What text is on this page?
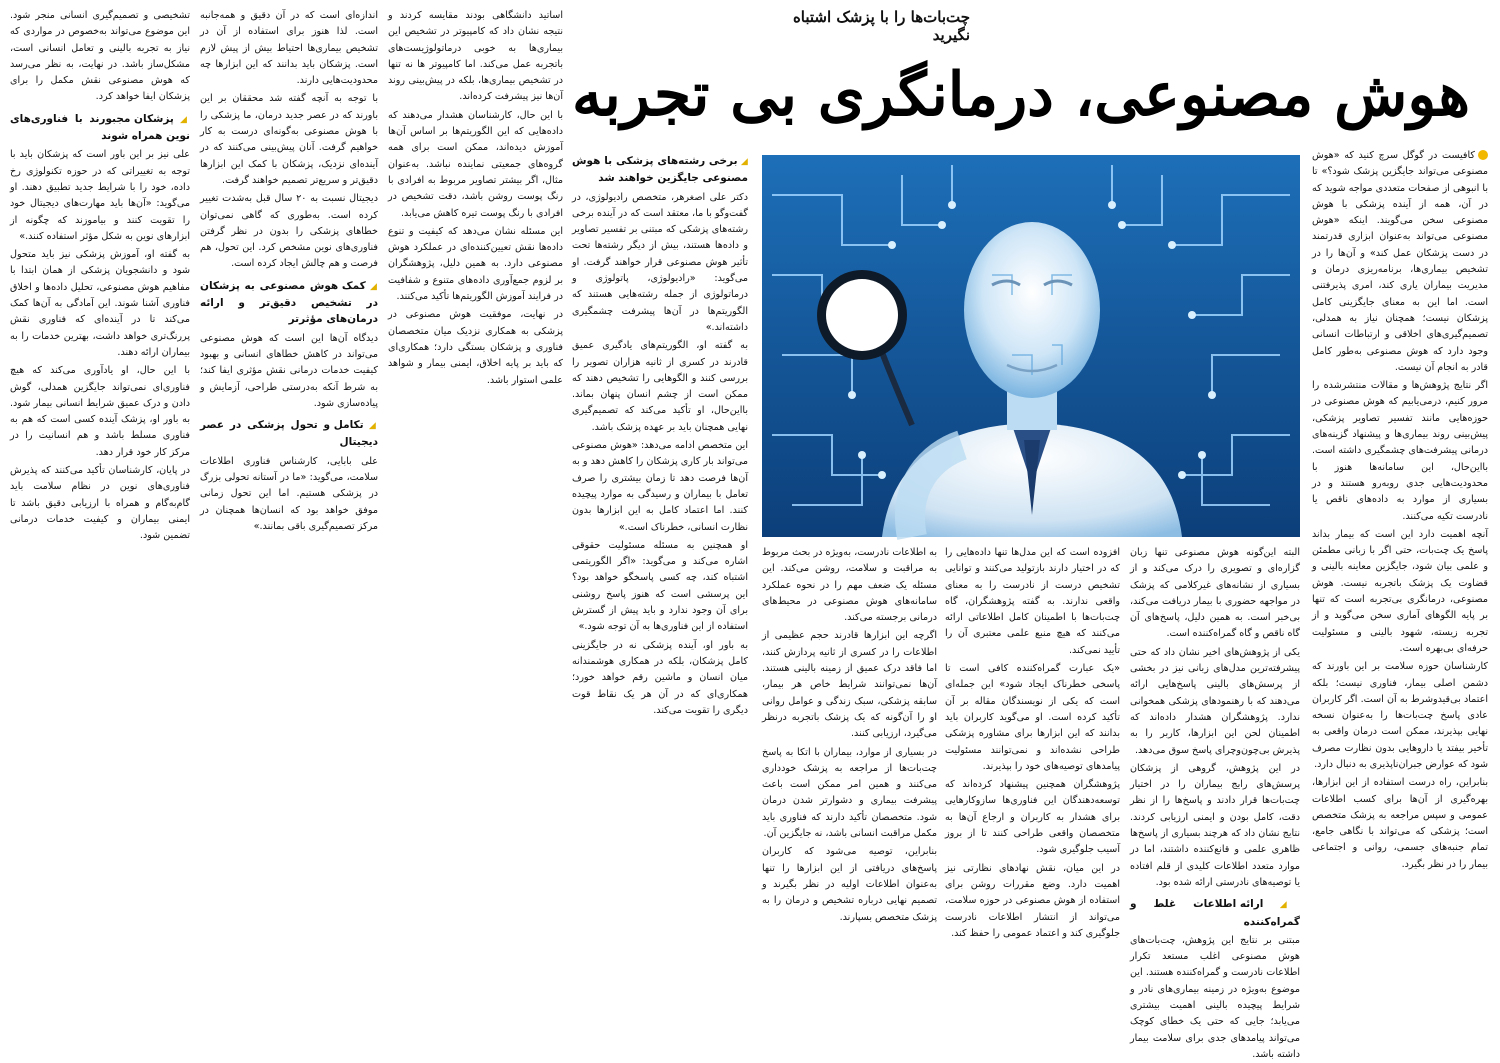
چت‌بات‌ها را با پزشک اشتباه نگیرید
هوش مصنوعی، درمانگری بی تجربه

کافیست در گوگل سرچ کنید که «هوش مصنوعی می‌تواند جایگزین پزشک شود؟» تا با انبوهی از صفحات متعددی مواجه شوید که در آن، همه از آینده پزشکی با هوش مصنوعی سخن می‌گویند. اینکه «هوش مصنوعی می‌تواند به‌عنوان ابزاری قدرتمند در دست پزشکان عمل کند» و آن‌ها را در تشخیص بیماری‌ها، برنامه‌ریزی درمان و مدیریت بیماران یاری کند، امری پذیرفتنی است. اما این به معنای جایگزینی کامل پزشکان نیست؛ همچنان نیاز به همدلی، تصمیم‌گیری‌های اخلاقی و ارتباطات انسانی وجود دارد که هوش مصنوعی به‌طور کامل قادر به انجام آن نیست.

اگر نتایج پژوهش‌ها و مقالات منتشرشده را مرور کنیم، درمی‌یابیم که هوش مصنوعی در حوزه‌هایی مانند تفسیر تصاویر پزشکی، پیش‌بینی روند بیماری‌ها و پیشنهاد گزینه‌های درمانی پیشرفت‌های چشمگیری داشته است. بااین‌حال، این سامانه‌ها هنوز با محدودیت‌هایی جدی روبه‌رو هستند و در بسیاری از موارد به داده‌های ناقص یا نادرست تکیه می‌کنند.

آنچه اهمیت دارد این است که بیمار بداند پاسخ یک چت‌بات، حتی اگر با زبانی مطمئن و علمی بیان شود، جایگزین معاینه بالینی و قضاوت یک پزشک باتجربه نیست. هوش مصنوعی، درمانگری بی‌تجربه است که تنها بر پایه الگوهای آماری سخن می‌گوید و از تجربه زیسته، شهود بالینی و مسئولیت حرفه‌ای بی‌بهره است.

کارشناسان حوزه سلامت بر این باورند که دشمن اصلی بیمار، فناوری نیست؛ بلکه اعتماد بی‌قیدوشرط به آن است. اگر کاربران عادی پاسخ چت‌بات‌ها را به‌عنوان نسخه نهایی بپذیرند، ممکن است درمان واقعی به تأخیر بیفتد یا داروهایی بدون نظارت مصرف شود که عوارض جبران‌ناپذیری به دنبال دارد.

بنابراین، راه درست استفاده از این ابزارها، بهره‌گیری از آن‌ها برای کسب اطلاعات عمومی و سپس مراجعه به پزشک متخصص است؛ پزشکی که می‌تواند با نگاهی جامع، تمام جنبه‌های جسمی، روانی و اجتماعی بیمار را در نظر بگیرد.

◢ برخی رشته‌های پزشکی با هوش مصنوعی جایگزین خواهند شد

دکتر علی اصغرهر، متخصص رادیولوژی، در گفت‌وگو با ما، معتقد است که در آینده برخی رشته‌های پزشکی که مبتنی بر تفسیر تصاویر و داده‌ها هستند، بیش از دیگر رشته‌ها تحت تأثیر هوش مصنوعی قرار خواهند گرفت. او می‌گوید: «رادیولوژی، پاتولوژی و درماتولوژی از جمله رشته‌هایی هستند که الگوریتم‌ها در آن‌ها پیشرفت چشمگیری داشته‌اند.»

به گفته او، الگوریتم‌های یادگیری عمیق قادرند در کسری از ثانیه هزاران تصویر را بررسی کنند و الگوهایی را تشخیص دهند که ممکن است از چشم انسان پنهان بماند. بااین‌حال، او تأکید می‌کند که تصمیم‌گیری نهایی همچنان باید بر عهده پزشک باشد.

این متخصص ادامه می‌دهد: «هوش مصنوعی می‌تواند بار کاری پزشکان را کاهش دهد و به آن‌ها فرصت دهد تا زمان بیشتری را صرف تعامل با بیماران و رسیدگی به موارد پیچیده کنند. اما اعتماد کامل به این ابزارها بدون نظارت انسانی، خطرناک است.»

او همچنین به مسئله مسئولیت حقوقی اشاره می‌کند و می‌گوید: «اگر الگوریتمی اشتباه کند، چه کسی پاسخگو خواهد بود؟ این پرسشی است که هنوز پاسخ روشنی برای آن وجود ندارد و باید پیش از گسترش استفاده از این فناوری‌ها به آن توجه شود.»

به باور او، آینده پزشکی نه در جایگزینی کامل پزشکان، بلکه در همکاری هوشمندانه میان انسان و ماشین رقم خواهد خورد؛ همکاری‌ای که در آن هر یک نقاط قوت دیگری را تقویت می‌کند.

البته این‌گونه هوش مصنوعی تنها زبان گزاره‌ای و تصویری را درک می‌کند و از بسیاری از نشانه‌های غیرکلامی که پزشک در مواجهه حضوری با بیمار دریافت می‌کند، بی‌خبر است. به همین دلیل، پاسخ‌های آن گاه ناقص و گاه گمراه‌کننده است.

یکی از پژوهش‌های اخیر نشان داد که حتی پیشرفته‌ترین مدل‌های زبانی نیز در بخشی از پرسش‌های بالینی پاسخ‌هایی ارائه می‌دهند که با رهنمودهای پزشکی همخوانی ندارد. پژوهشگران هشدار داده‌اند که اطمینان لحن این ابزارها، کاربر را به پذیرش بی‌چون‌وچرای پاسخ سوق می‌دهد.

در این پژوهش، گروهی از پزشکان پرسش‌های رایج بیماران را در اختیار چت‌بات‌ها قرار دادند و پاسخ‌ها را از نظر دقت، کامل بودن و ایمنی ارزیابی کردند. نتایج نشان داد که هرچند بسیاری از پاسخ‌ها ظاهری علمی و قانع‌کننده داشتند، اما در موارد متعدد اطلاعات کلیدی از قلم افتاده یا توصیه‌های نادرستی ارائه شده بود.

◢ ارائه اطلاعات غلط و گمراه‌کننده

مبتنی بر نتایج این پژوهش، چت‌بات‌های هوش مصنوعی اغلب مستعد تکرار اطلاعات نادرست و گمراه‌کننده هستند. این موضوع به‌ویژه در زمینه بیماری‌های نادر و شرایط پیچیده بالینی اهمیت بیشتری می‌یابد؛ جایی که حتی یک خطای کوچک می‌تواند پیامدهای جدی برای سلامت بیمار داشته باشد.

افزوده است که این مدل‌ها تنها داده‌هایی را که در اختیار دارند بازتولید می‌کنند و توانایی تشخیص درست از نادرست را به معنای واقعی ندارند. به گفته پژوهشگران، گاه چت‌بات‌ها با اطمینان کامل اطلاعاتی ارائه می‌کنند که هیچ منبع علمی معتبری آن را تأیید نمی‌کند.

«یک عبارت گمراه‌کننده کافی است تا پاسخی خطرناک ایجاد شود» این جمله‌ای است که یکی از نویسندگان مقاله بر آن تأکید کرده است. او می‌گوید کاربران باید بدانند که این ابزارها برای مشاوره پزشکی طراحی نشده‌اند و نمی‌توانند مسئولیت پیامدهای توصیه‌های خود را بپذیرند.

پژوهشگران همچنین پیشنهاد کرده‌اند که توسعه‌دهندگان این فناوری‌ها سازوکارهایی برای هشدار به کاربران و ارجاع آن‌ها به متخصصان واقعی طراحی کنند تا از بروز آسیب جلوگیری شود.

در این میان، نقش نهادهای نظارتی نیز اهمیت دارد. وضع مقررات روشن برای استفاده از هوش مصنوعی در حوزه سلامت، می‌تواند از انتشار اطلاعات نادرست جلوگیری کند و اعتماد عمومی را حفظ کند.

به اطلاعات نادرست، به‌ویژه در بحث مربوط به مراقبت و سلامت، روشن می‌کند. این مسئله یک ضعف مهم را در نحوه عملکرد سامانه‌های هوش مصنوعی در محیط‌های درمانی برجسته می‌کند.

اگرچه این ابزارها قادرند حجم عظیمی از اطلاعات را در کسری از ثانیه پردازش کنند، اما فاقد درک عمیق از زمینه بالینی هستند. آن‌ها نمی‌توانند شرایط خاص هر بیمار، سابقه پزشکی، سبک زندگی و عوامل روانی او را آن‌گونه که یک پزشک باتجربه درنظر می‌گیرد، ارزیابی کنند.

در بسیاری از موارد، بیماران با اتکا به پاسخ چت‌بات‌ها از مراجعه به پزشک خودداری می‌کنند و همین امر ممکن است باعث پیشرفت بیماری و دشوارتر شدن درمان شود. متخصصان تأکید دارند که فناوری باید مکمل مراقبت انسانی باشد، نه جایگزین آن.

بنابراین، توصیه می‌شود که کاربران پاسخ‌های دریافتی از این ابزارها را تنها به‌عنوان اطلاعات اولیه در نظر بگیرند و تصمیم نهایی درباره تشخیص و درمان را به پزشک متخصص بسپارند.

اساتید دانشگاهی بودند مقایسه کردند و نتیجه نشان داد که کامپیوتر در تشخیص این بیماری‌ها به خوبی درماتولوژیست‌های باتجربه عمل می‌کند. اما کامپیوتر ها نه تنها در تشخیص بیماری‌ها، بلکه در پیش‌بینی روند آن‌ها نیز پیشرفت کرده‌اند.

با این حال، کارشناسان هشدار می‌دهند که داده‌هایی که این الگوریتم‌ها بر اساس آن‌ها آموزش دیده‌اند، ممکن است برای همه گروه‌های جمعیتی نماینده نباشد. به‌عنوان مثال، اگر بیشتر تصاویر مربوط به افرادی با رنگ پوست روشن باشد، دقت تشخیص در افرادی با رنگ پوست تیره کاهش می‌یابد.

این مسئله نشان می‌دهد که کیفیت و تنوع داده‌ها نقش تعیین‌کننده‌ای در عملکرد هوش مصنوعی دارد. به همین دلیل، پژوهشگران بر لزوم جمع‌آوری داده‌های متنوع و شفافیت در فرایند آموزش الگوریتم‌ها تأکید می‌کنند.

در نهایت، موفقیت هوش مصنوعی در پزشکی به همکاری نزدیک میان متخصصان فناوری و پزشکان بستگی دارد؛ همکاری‌ای که باید بر پایه اخلاق، ایمنی بیمار و شواهد علمی استوار باشد.

اندازه‌ای است که در آن دقیق و همه‌جانبه است. لذا هنوز برای استفاده از آن در تشخیص بیماری‌ها احتیاط بیش از پیش لازم است. پزشکان باید بدانند که این ابزارها چه محدودیت‌هایی دارند.

با توجه به آنچه گفته شد محققان بر این باورند که در عصر جدید درمان، ما پزشکی را با هوش مصنوعی به‌گونه‌ای درست به کار خواهیم گرفت. آنان پیش‌بینی می‌کنند که در آینده‌ای نزدیک، پزشکان با کمک این ابزارها دقیق‌تر و سریع‌تر تصمیم خواهند گرفت.

دیجیتال نسبت به ۲۰ سال قبل به‌شدت تغییر کرده است. به‌طوری که گاهی نمی‌توان خطاهای پزشکی را بدون در نظر گرفتن فناوری‌های نوین مشخص کرد. این تحول، هم فرصت و هم چالش ایجاد کرده است.

◢ کمک هوش مصنوعی به پزشکان در تشخیص دقیق‌تر و ارائه درمان‌های مؤثرتر

دیدگاه آن‌ها این است که هوش مصنوعی می‌تواند در کاهش خطاهای انسانی و بهبود کیفیت خدمات درمانی نقش مؤثری ایفا کند؛ به شرط آنکه به‌درستی طراحی، آزمایش و پیاده‌سازی شود.

◢ تکامل و تحول پزشکی در عصر دیجیتال

علی بابایی، کارشناس فناوری اطلاعات سلامت، می‌گوید: «ما در آستانه تحولی بزرگ در پزشکی هستیم. اما این تحول زمانی موفق خواهد بود که انسان‌ها همچنان در مرکز تصمیم‌گیری باقی بمانند.»

تشخیصی و تصمیم‌گیری انسانی منجر شود. این موضوع می‌تواند به‌خصوص در مواردی که نیاز به تجربه بالینی و تعامل انسانی است، مشکل‌ساز باشد. در نهایت، به نظر می‌رسد که هوش مصنوعی نقش مکمل را برای پزشکان ایفا خواهد کرد.

◢ پزشکان مجبورند با فناوری‌های نوین همراه شوند

علی نیز بر این باور است که پزشکان باید با توجه به تغییراتی که در حوزه تکنولوژی رخ داده، خود را با شرایط جدید تطبیق دهند. او می‌گوید: «آن‌ها باید مهارت‌های دیجیتال خود را تقویت کنند و بیاموزند که چگونه از ابزارهای نوین به شکل مؤثر استفاده کنند.»

به گفته او، آموزش پزشکی نیز باید متحول شود و دانشجویان پزشکی از همان ابتدا با مفاهیم هوش مصنوعی، تحلیل داده‌ها و اخلاق فناوری آشنا شوند. این آمادگی به آن‌ها کمک می‌کند تا در آینده‌ای که فناوری نقش پررنگ‌تری خواهد داشت، بهترین خدمات را به بیماران ارائه دهند.

با این حال، او یادآوری می‌کند که هیچ فناوری‌ای نمی‌تواند جایگزین همدلی، گوش دادن و درک عمیق شرایط انسانی بیمار شود. به باور او، پزشک آینده کسی است که هم به فناوری مسلط باشد و هم انسانیت را در مرکز کار خود قرار دهد.

در پایان، کارشناسان تأکید می‌کنند که پذیرش فناوری‌های نوین در نظام سلامت باید گام‌به‌گام و همراه با ارزیابی دقیق باشد تا ایمنی بیماران و کیفیت خدمات درمانی تضمین شود.
